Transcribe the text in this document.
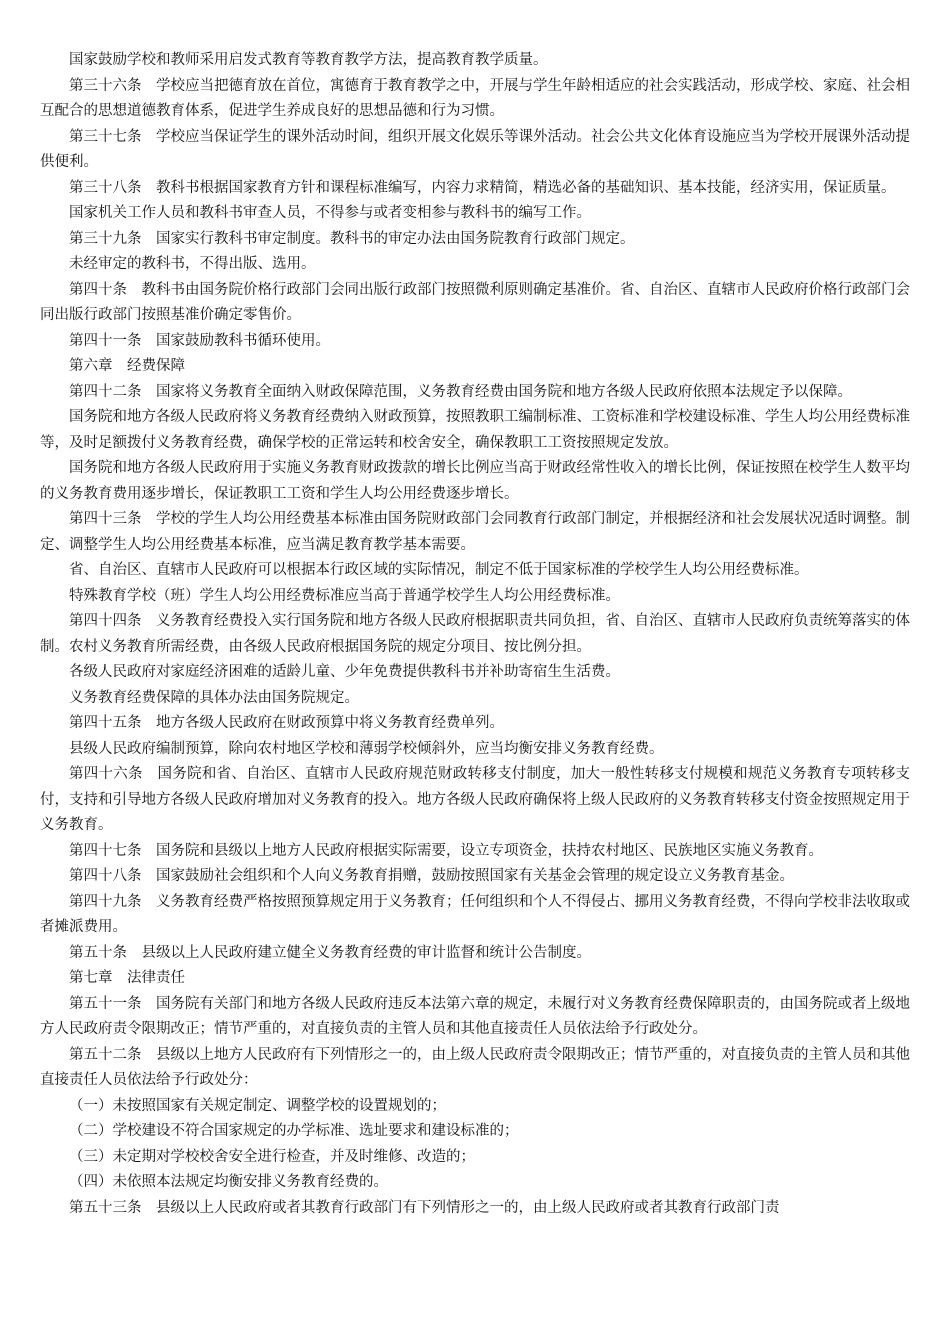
国家鼓励学校和教师采用启发式教育等教育教学方法，提高教育教学质量。

第三十六条　学校应当把德育放在首位，寓德育于教育教学之中，开展与学生年龄相适应的社会实践活动，形成学校、家庭、社会相互配合的思想道德教育体系，促进学生养成良好的思想品德和行为习惯。

第三十七条　学校应当保证学生的课外活动时间，组织开展文化娱乐等课外活动。社会公共文化体育设施应当为学校开展课外活动提供便利。

第三十八条　教科书根据国家教育方针和课程标准编写，内容力求精简，精选必备的基础知识、基本技能，经济实用，保证质量。

国家机关工作人员和教科书审查人员，不得参与或者变相参与教科书的编写工作。

第三十九条　国家实行教科书审定制度。教科书的审定办法由国务院教育行政部门规定。

未经审定的教科书，不得出版、选用。

第四十条　教科书由国务院价格行政部门会同出版行政部门按照微利原则确定基准价。省、自治区、直辖市人民政府价格行政部门会同出版行政部门按照基准价确定零售价。

第四十一条　国家鼓励教科书循环使用。

第六章　经费保障

第四十二条　国家将义务教育全面纳入财政保障范围，义务教育经费由国务院和地方各级人民政府依照本法规定予以保障。

国务院和地方各级人民政府将义务教育经费纳入财政预算，按照教职工编制标准、工资标准和学校建设标准、学生人均公用经费标准等，及时足额拨付义务教育经费，确保学校的正常运转和校舍安全，确保教职工工资按照规定发放。

国务院和地方各级人民政府用于实施义务教育财政拨款的增长比例应当高于财政经常性收入的增长比例，保证按照在校学生人数平均的义务教育费用逐步增长，保证教职工工资和学生人均公用经费逐步增长。

第四十三条　学校的学生人均公用经费基本标准由国务院财政部门会同教育行政部门制定，并根据经济和社会发展状况适时调整。制定、调整学生人均公用经费基本标准，应当满足教育教学基本需要。

省、自治区、直辖市人民政府可以根据本行政区域的实际情况，制定不低于国家标准的学校学生人均公用经费标准。

特殊教育学校（班）学生人均公用经费标准应当高于普通学校学生人均公用经费标准。

第四十四条　义务教育经费投入实行国务院和地方各级人民政府根据职责共同负担，省、自治区、直辖市人民政府负责统筹落实的体制。农村义务教育所需经费，由各级人民政府根据国务院的规定分项目、按比例分担。

各级人民政府对家庭经济困难的适龄儿童、少年免费提供教科书并补助寄宿生生活费。

义务教育经费保障的具体办法由国务院规定。

第四十五条　地方各级人民政府在财政预算中将义务教育经费单列。

县级人民政府编制预算，除向农村地区学校和薄弱学校倾斜外，应当均衡安排义务教育经费。

第四十六条　国务院和省、自治区、直辖市人民政府规范财政转移支付制度，加大一般性转移支付规模和规范义务教育专项转移支付，支持和引导地方各级人民政府增加对义务教育的投入。地方各级人民政府确保将上级人民政府的义务教育转移支付资金按照规定用于义务教育。

第四十七条　国务院和县级以上地方人民政府根据实际需要，设立专项资金，扶持农村地区、民族地区实施义务教育。

第四十八条　国家鼓励社会组织和个人向义务教育捐赠，鼓励按照国家有关基金会管理的规定设立义务教育基金。

第四十九条　义务教育经费严格按照预算规定用于义务教育；任何组织和个人不得侵占、挪用义务教育经费，不得向学校非法收取或者摊派费用。

第五十条　县级以上人民政府建立健全义务教育经费的审计监督和统计公告制度。

第七章　法律责任

第五十一条　国务院有关部门和地方各级人民政府违反本法第六章的规定，未履行对义务教育经费保障职责的，由国务院或者上级地方人民政府责令限期改正；情节严重的，对直接负责的主管人员和其他直接责任人员依法给予行政处分。

第五十二条　县级以上地方人民政府有下列情形之一的，由上级人民政府责令限期改正；情节严重的，对直接负责的主管人员和其他直接责任人员依法给予行政处分：

（一）未按照国家有关规定制定、调整学校的设置规划的；

（二）学校建设不符合国家规定的办学标准、选址要求和建设标准的；

（三）未定期对学校校舍安全进行检查，并及时维修、改造的；

（四）未依照本法规定均衡安排义务教育经费的。

第五十三条　县级以上人民政府或者其教育行政部门有下列情形之一的，由上级人民政府或者其教育行政部门责
